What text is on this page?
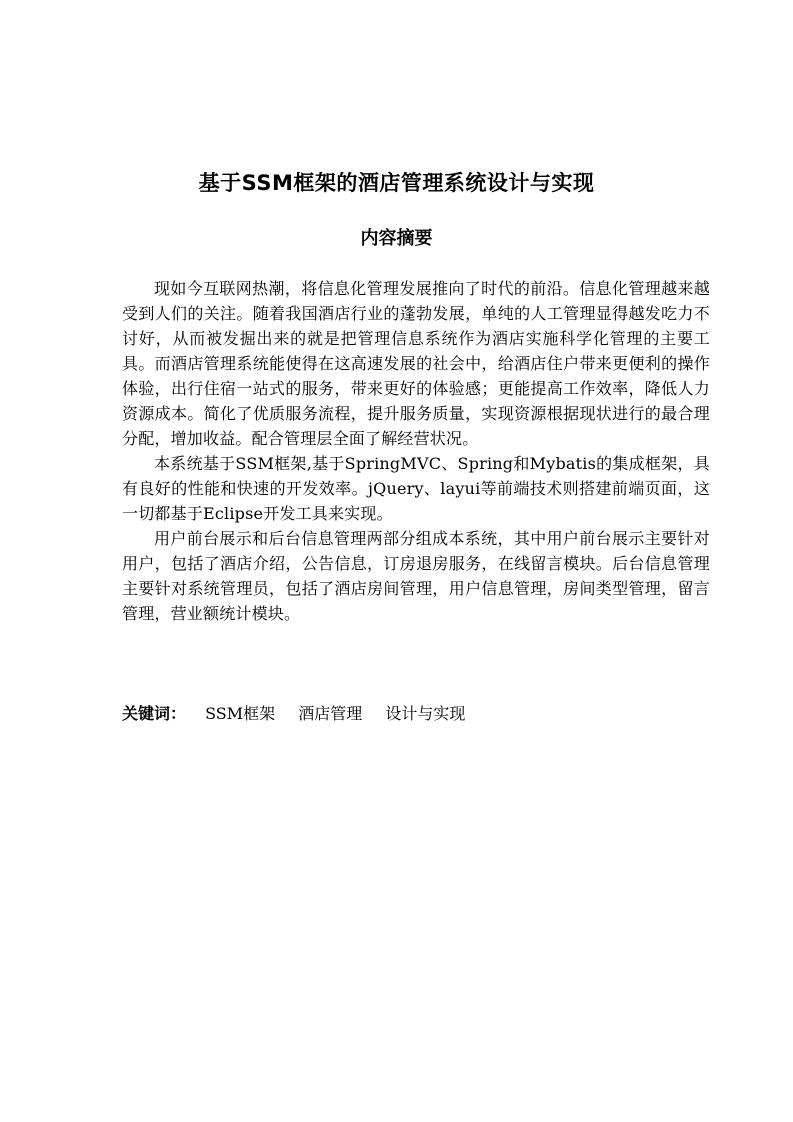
基于SSM框架的酒店管理系统设计与实现
内容摘要

现如今互联网热潮，将信息化管理发展推向了时代的前沿。信息化管理越来越受到人们的关注。随着我国酒店行业的蓬勃发展，单纯的人工管理显得越发吃力不讨好，从而被发掘出来的就是把管理信息系统作为酒店实施科学化管理的主要工具。而酒店管理系统能使得在这高速发展的社会中，给酒店住户带来更便利的操作体验，出行住宿一站式的服务，带来更好的体验感；更能提高工作效率，降低人力资源成本。简化了优质服务流程，提升服务质量，实现资源根据现状进行的最合理分配，增加收益。配合管理层全面了解经营状况。

本系统基于SSM框架,基于SpringMVC、Spring和Mybatis的集成框架，具有良好的性能和快速的开发效率。jQuery、layui等前端技术则搭建前端页面，这一切都基于Eclipse开发工具来实现。

用户前台展示和后台信息管理两部分组成本系统，其中用户前台展示主要针对用户，包括了酒店介绍，公告信息，订房退房服务，在线留言模块。后台信息管理主要针对系统管理员，包括了酒店房间管理，用户信息管理，房间类型管理，留言管理，营业额统计模块。

关键词： SSM框架 酒店管理 设计与实现
